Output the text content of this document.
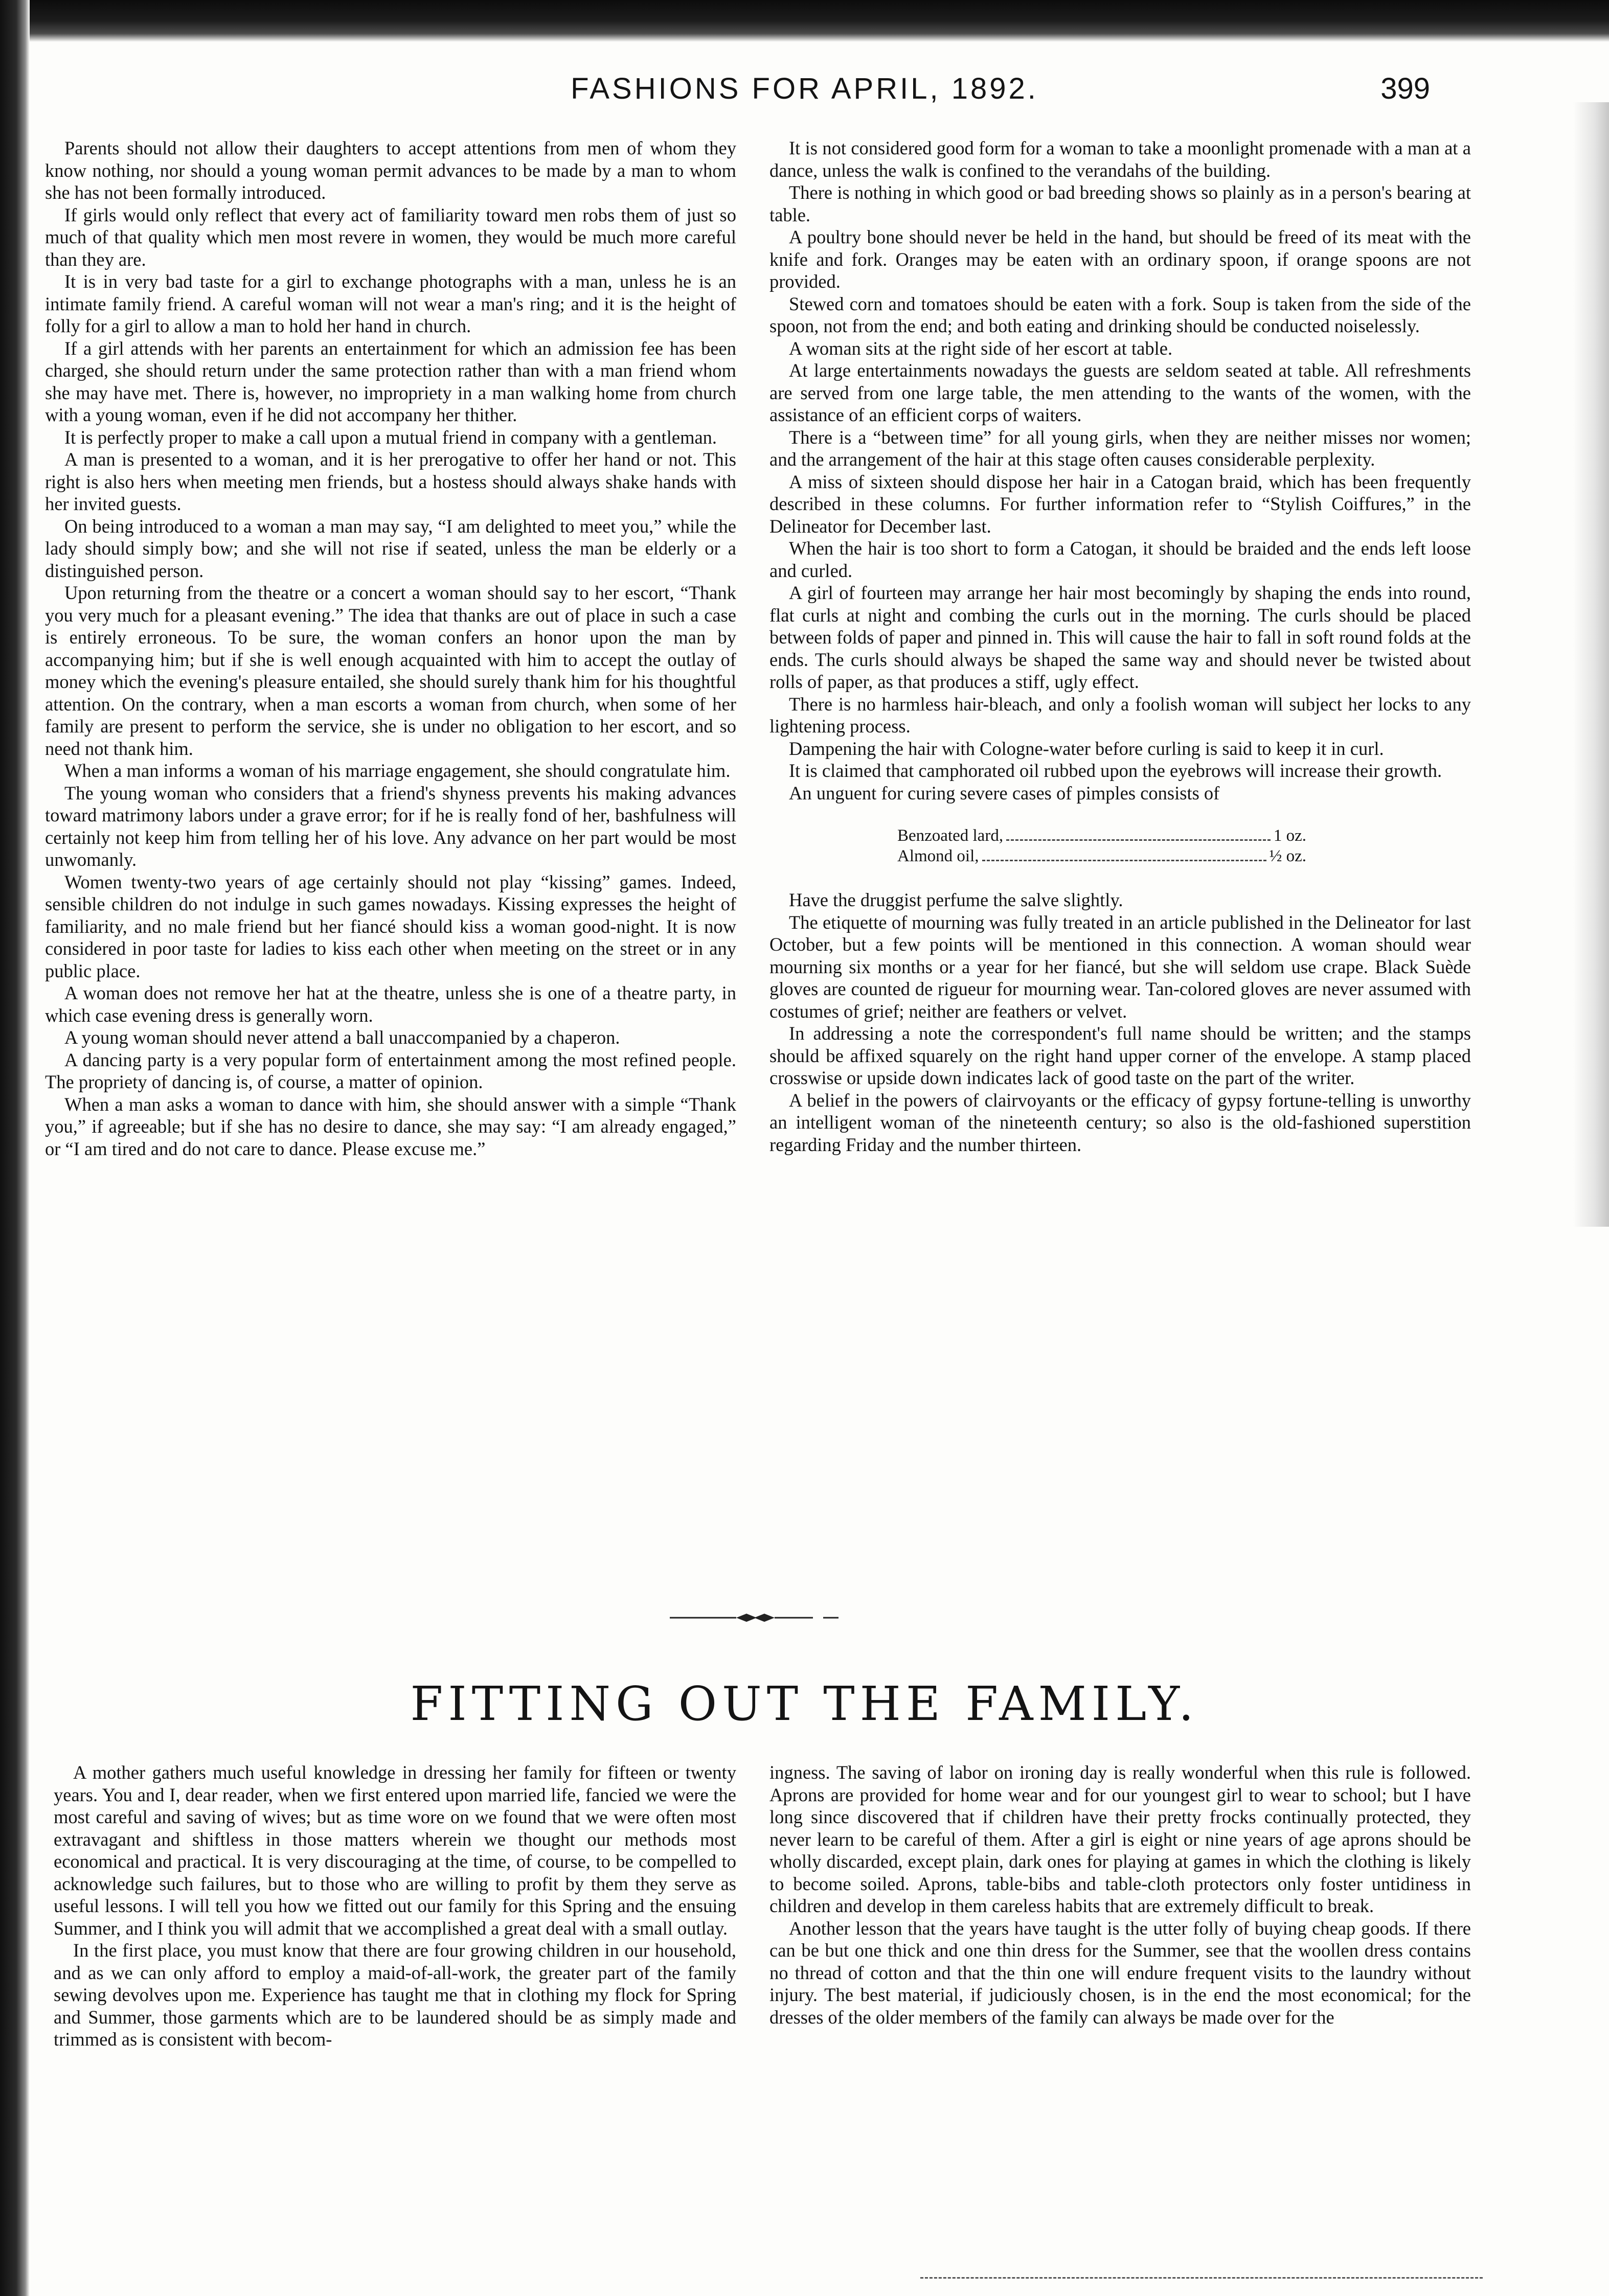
FASHIONS FOR APRIL, 1892.	399

Parents should not allow their daughters to accept attentions from men of whom they know nothing, nor should a young woman permit advances to be made by a man to whom she has not been formally introduced.

If girls would only reflect that every act of familiarity toward men robs them of just so much of that quality which men most revere in women, they would be much more careful than they are.

It is in very bad taste for a girl to exchange photographs with a man, unless he is an intimate family friend. A careful woman will not wear a man's ring; and it is the height of folly for a girl to allow a man to hold her hand in church.

If a girl attends with her parents an entertainment for which an admission fee has been charged, she should return under the same protection rather than with a man friend whom she may have met. There is, however, no impropriety in a man walking home from church with a young woman, even if he did not accompany her thither.

It is perfectly proper to make a call upon a mutual friend in company with a gentleman.

A man is presented to a woman, and it is her prerogative to offer her hand or not. This right is also hers when meeting men friends, but a hostess should always shake hands with her invited guests.

On being introduced to a woman a man may say, “I am delighted to meet you,” while the lady should simply bow; and she will not rise if seated, unless the man be elderly or a distinguished person.

Upon returning from the theatre or a concert a woman should say to her escort, “Thank you very much for a pleasant evening.” The idea that thanks are out of place in such a case is entirely erroneous. To be sure, the woman confers an honor upon the man by accompanying him; but if she is well enough acquainted with him to accept the outlay of money which the evening's pleasure entailed, she should surely thank him for his thoughtful attention. On the contrary, when a man escorts a woman from church, when some of her family are present to perform the service, she is under no obligation to her escort, and so need not thank him.

When a man informs a woman of his marriage engagement, she should congratulate him.

The young woman who considers that a friend's shyness prevents his making advances toward matrimony labors under a grave error; for if he is really fond of her, bashfulness will certainly not keep him from telling her of his love. Any advance on her part would be most unwomanly.

Women twenty-two years of age certainly should not play “kissing” games. Indeed, sensible children do not indulge in such games nowadays. Kissing expresses the height of familiarity, and no male friend but her fiancé should kiss a woman good-night. It is now considered in poor taste for ladies to kiss each other when meeting on the street or in any public place.

A woman does not remove her hat at the theatre, unless she is one of a theatre party, in which case evening dress is generally worn.

A young woman should never attend a ball unaccompanied by a chaperon.

A dancing party is a very popular form of entertainment among the most refined people. The propriety of dancing is, of course, a matter of opinion.

When a man asks a woman to dance with him, she should answer with a simple “Thank you,” if agreeable; but if she has no desire to dance, she may say: “I am already engaged,” or “I am tired and do not care to dance. Please excuse me.”

It is not considered good form for a woman to take a moonlight promenade with a man at a dance, unless the walk is confined to the verandahs of the building.

There is nothing in which good or bad breeding shows so plainly as in a person's bearing at table.

A poultry bone should never be held in the hand, but should be freed of its meat with the knife and fork. Oranges may be eaten with an ordinary spoon, if orange spoons are not provided.

Stewed corn and tomatoes should be eaten with a fork. Soup is taken from the side of the spoon, not from the end; and both eating and drinking should be conducted noiselessly.

A woman sits at the right side of her escort at table.

At large entertainments nowadays the guests are seldom seated at table. All refreshments are served from one large table, the men attending to the wants of the women, with the assistance of an efficient corps of waiters.

There is a “between time” for all young girls, when they are neither misses nor women; and the arrangement of the hair at this stage often causes considerable perplexity.

A miss of sixteen should dispose her hair in a Catogan braid, which has been frequently described in these columns. For further information refer to “Stylish Coiffures,” in the Delineator for December last.

When the hair is too short to form a Catogan, it should be braided and the ends left loose and curled.

A girl of fourteen may arrange her hair most becomingly by shaping the ends into round, flat curls at night and combing the curls out in the morning. The curls should be placed between folds of paper and pinned in. This will cause the hair to fall in soft round folds at the ends. The curls should always be shaped the same way and should never be twisted about rolls of paper, as that produces a stiff, ugly effect.

There is no harmless hair-bleach, and only a foolish woman will subject her locks to any lightening process.

Dampening the hair with Cologne-water before curling is said to keep it in curl.

It is claimed that camphorated oil rubbed upon the eyebrows will increase their growth.

An unguent for curing severe cases of pimples consists of

Benzoated lard,	1 oz.
Almond oil,	½ oz.

Have the druggist perfume the salve slightly.

The etiquette of mourning was fully treated in an article published in the Delineator for last October, but a few points will be mentioned in this connection. A woman should wear mourning six months or a year for her fiancé, but she will seldom use crape. Black Suède gloves are counted de rigueur for mourning wear. Tan-colored gloves are never assumed with costumes of grief; neither are feathers or velvet.

In addressing a note the correspondent's full name should be written; and the stamps should be affixed squarely on the right hand upper corner of the envelope. A stamp placed crosswise or upside down indicates lack of good taste on the part of the writer.

A belief in the powers of clairvoyants or the efficacy of gypsy fortune-telling is unworthy an intelligent woman of the nineteenth century; so also is the old-fashioned superstition regarding Friday and the number thirteen.

FITTING OUT THE FAMILY.

A mother gathers much useful knowledge in dressing her family for fifteen or twenty years. You and I, dear reader, when we first entered upon married life, fancied we were the most careful and saving of wives; but as time wore on we found that we were often most extravagant and shiftless in those matters wherein we thought our methods most economical and practical. It is very discouraging at the time, of course, to be compelled to acknowledge such failures, but to those who are willing to profit by them they serve as useful lessons. I will tell you how we fitted out our family for this Spring and the ensuing Summer, and I think you will admit that we accomplished a great deal with a small outlay.

In the first place, you must know that there are four growing children in our household, and as we can only afford to employ a maid-of-all-work, the greater part of the family sewing devolves upon me. Experience has taught me that in clothing my flock for Spring and Summer, those garments which are to be laundered should be as simply made and trimmed as is consistent with becom-

ingness. The saving of labor on ironing day is really wonderful when this rule is followed. Aprons are provided for home wear and for our youngest girl to wear to school; but I have long since discovered that if children have their pretty frocks continually protected, they never learn to be careful of them. After a girl is eight or nine years of age aprons should be wholly discarded, except plain, dark ones for playing at games in which the clothing is likely to become soiled. Aprons, table-bibs and table-cloth protectors only foster untidiness in children and develop in them careless habits that are extremely difficult to break.

Another lesson that the years have taught is the utter folly of buying cheap goods. If there can be but one thick and one thin dress for the Summer, see that the woollen dress contains no thread of cotton and that the thin one will endure frequent visits to the laundry without injury. The best material, if judiciously chosen, is in the end the most economical; for the dresses of the older members of the family can always be made over for the
